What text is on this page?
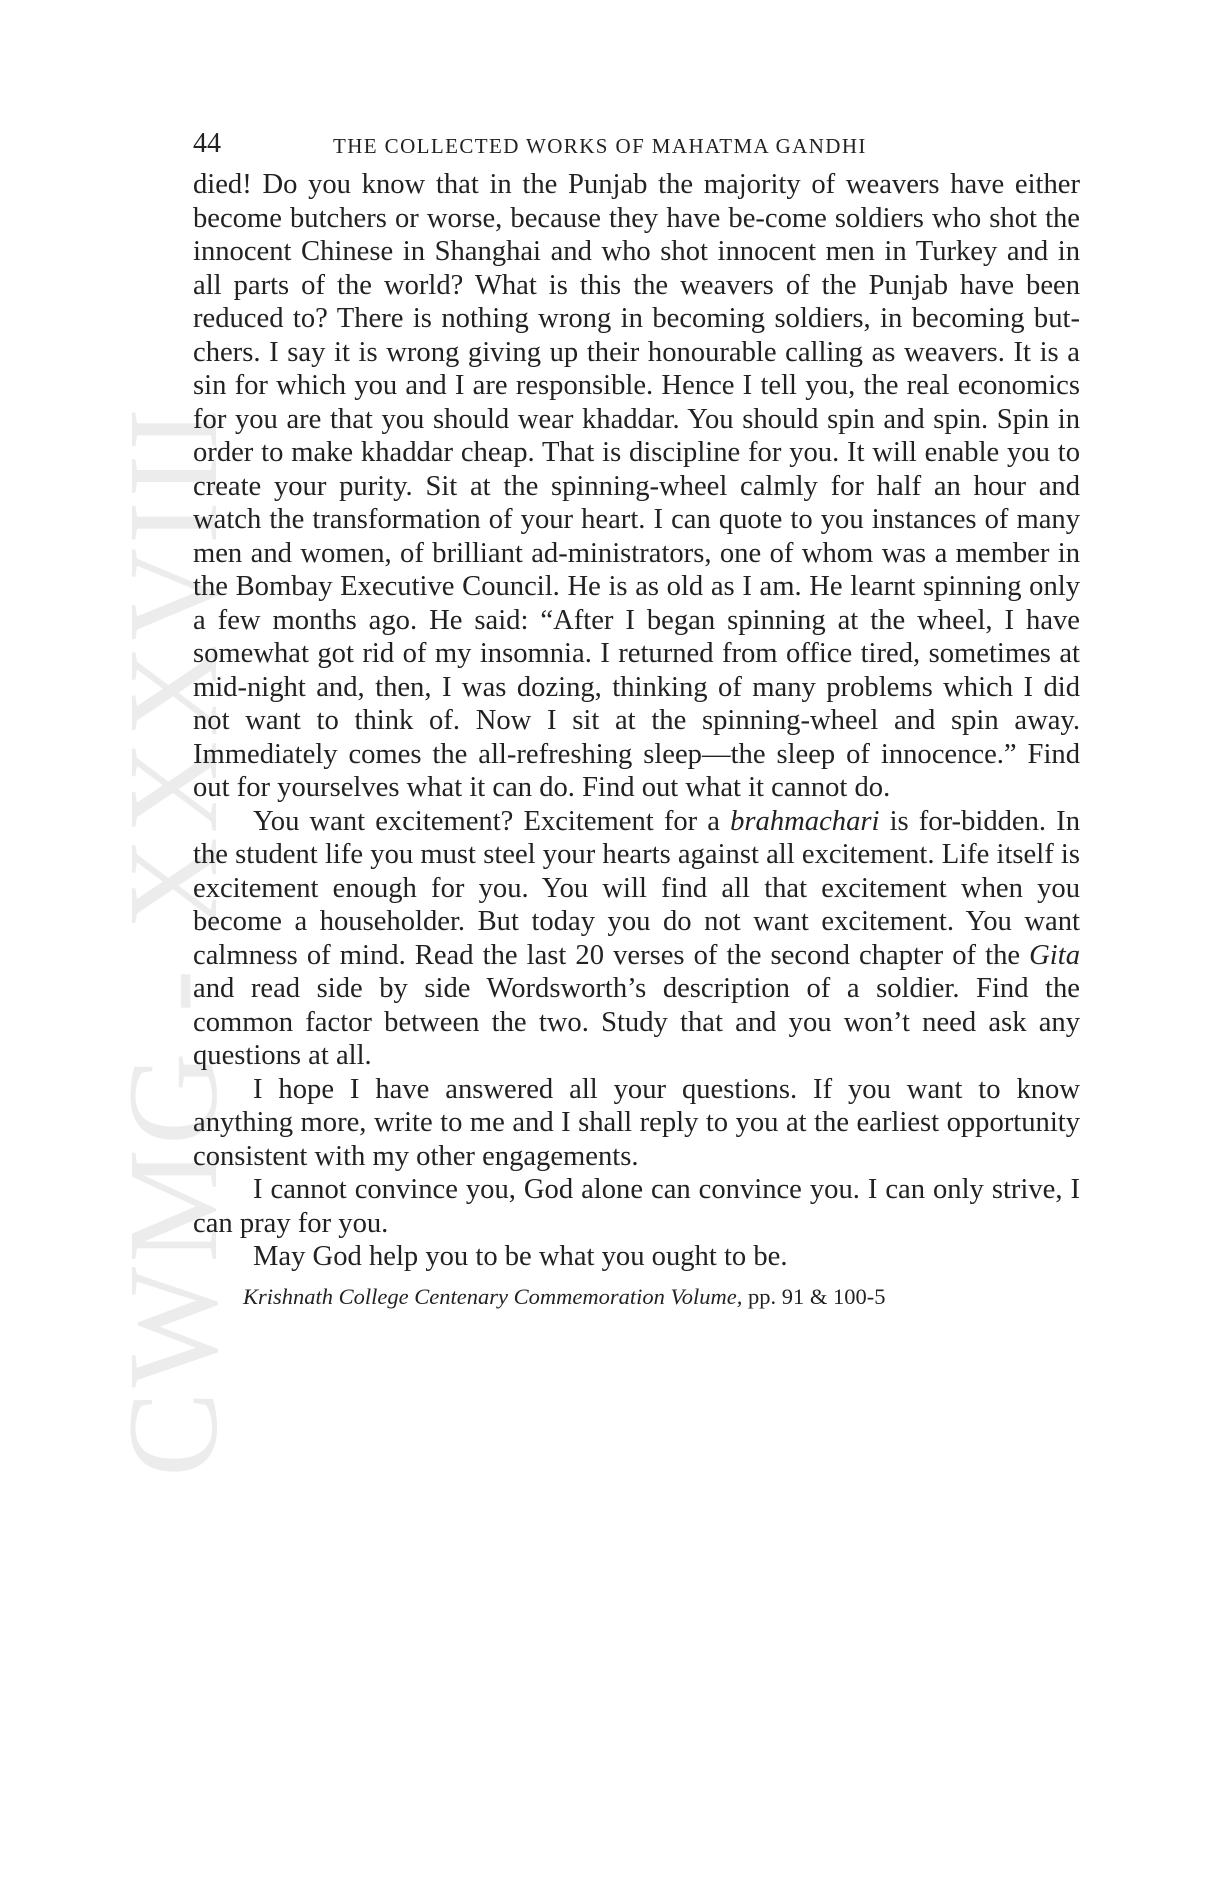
CWMG - XXXVIII
44	THE COLLECTED WORKS OF MAHATMA GANDHI

died! Do you know that in the Punjab the majority of weavers have either become butchers or worse, because they have be-come soldiers who shot the innocent Chinese in Shanghai and who shot innocent men in Turkey and in all parts of the world? What is this the weavers of the Punjab have been reduced to? There is nothing wrong in becoming soldiers, in becoming but-chers. I say it is wrong giving up their honourable calling as weavers. It is a sin for which you and I are responsible. Hence I tell you, the real economics for you are that you should wear khaddar. You should spin and spin. Spin in order to make khaddar cheap. That is discipline for you. It will enable you to create your purity. Sit at the spinning-wheel calmly for half an hour and watch the transformation of your heart. I can quote to you instances of many men and women, of brilliant ad-ministrators, one of whom was a member in the Bombay Executive Council. He is as old as I am. He learnt spinning only a few months ago. He said: “After I began spinning at the wheel, I have somewhat got rid of my insomnia. I returned from office tired, sometimes at mid-night and, then, I was dozing, thinking of many problems which I did not want to think of. Now I sit at the spinning-wheel and spin away. Immediately comes the all-refreshing sleep—the sleep of innocence.” Find out for yourselves what it can do. Find out what it cannot do.

You want excitement? Excitement for a brahmachari is for-bidden. In the student life you must steel your hearts against all excitement. Life itself is excitement enough for you. You will find all that excitement when you become a householder. But today you do not want excitement. You want calmness of mind. Read the last 20 verses of the second chapter of the Gita and read side by side Wordsworth’s description of a soldier. Find the common factor between the two. Study that and you won’t need ask any questions at all.

I hope I have answered all your questions. If you want to know anything more, write to me and I shall reply to you at the earliest opportunity consistent with my other engagements.

I cannot convince you, God alone can convince you. I can only strive, I can pray for you.

May God help you to be what you ought to be.

Krishnath College Centenary Commemoration Volume, pp. 91 & 100-5
